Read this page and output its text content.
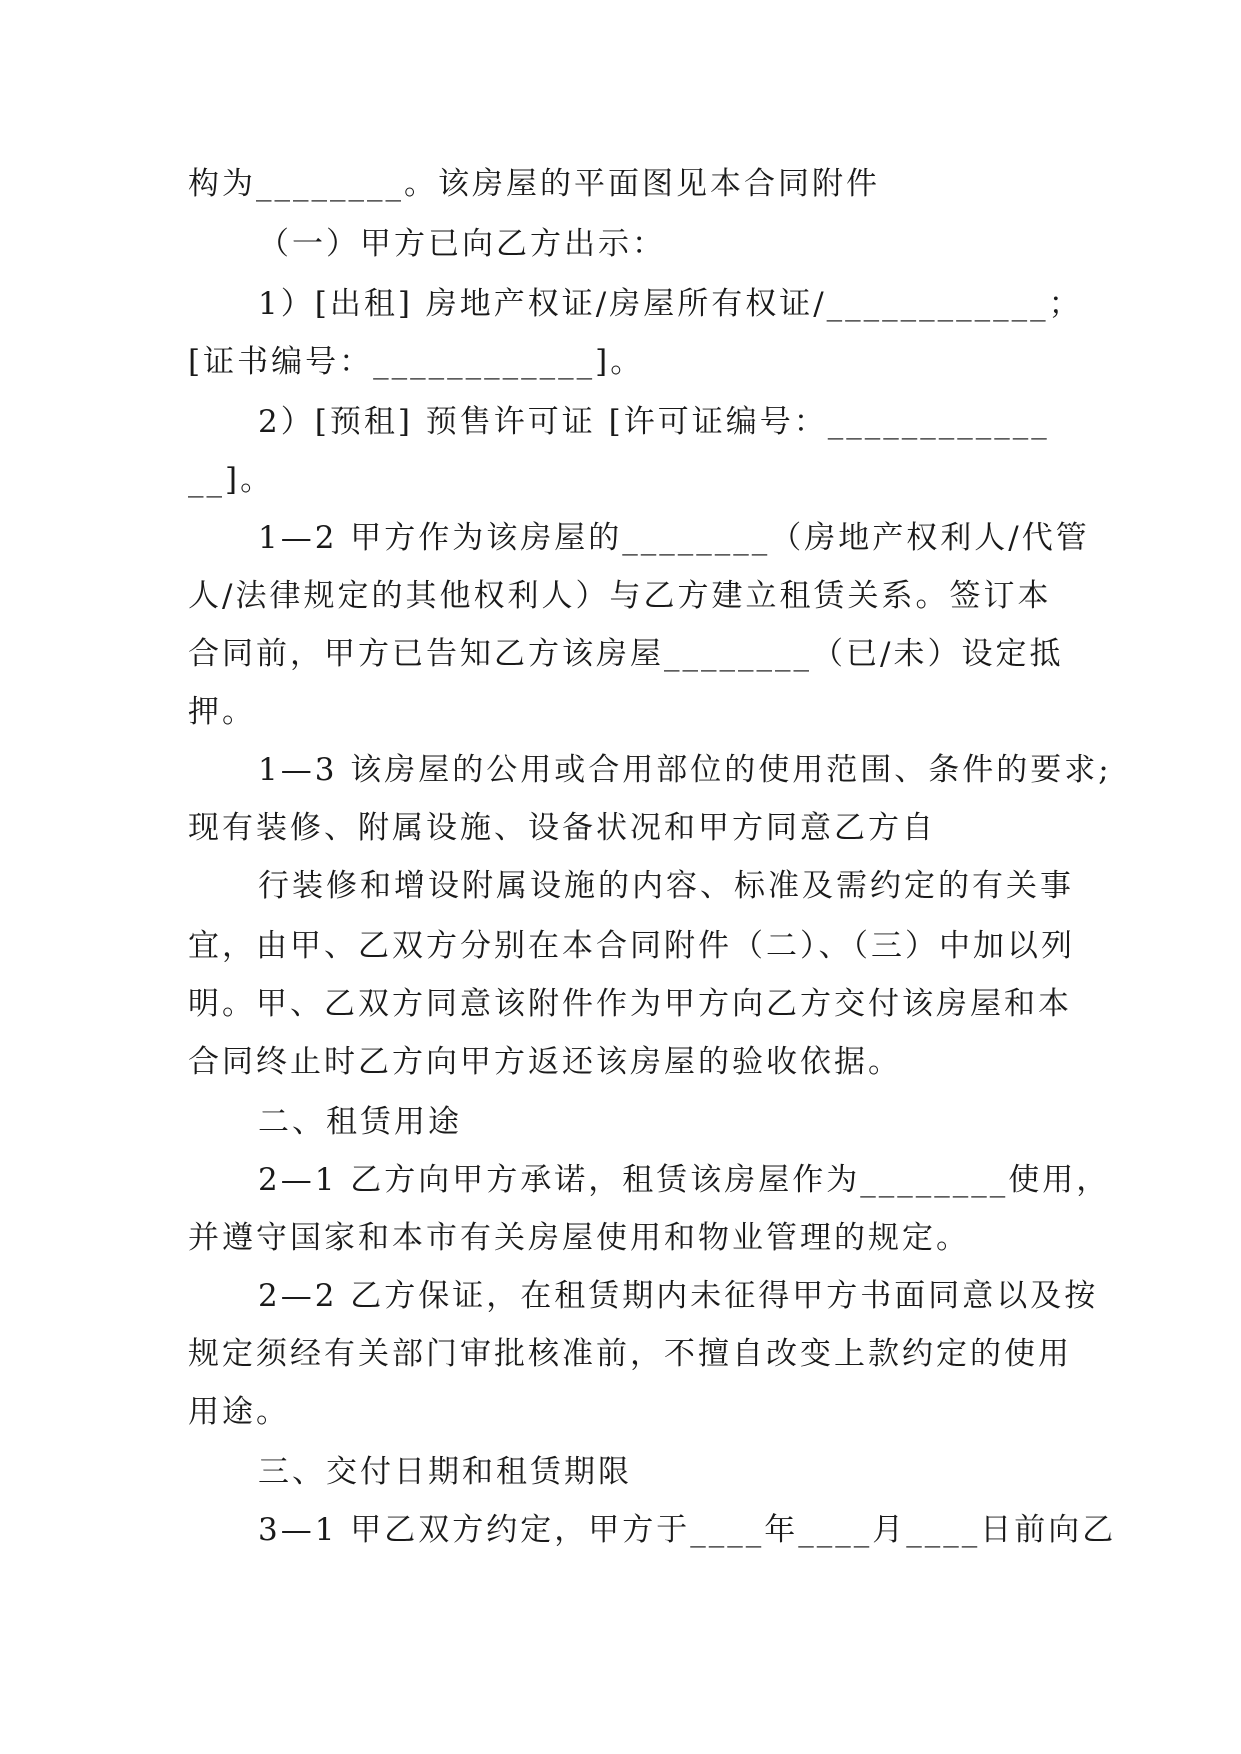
构为________。该房屋的平面图见本合同附件

（一）甲方已向乙方出示：

1）[出租] 房地产权证/房屋所有权证/____________；

[证书编号：____________]。

2）[预租] 预售许可证 [许可证编号：____________

__]。

1—2 甲方作为该房屋的________（房地产权利人/代管

人/法律规定的其他权利人）与乙方建立租赁关系。签订本

合同前，甲方已告知乙方该房屋________（已/未）设定抵

押。

1—3 该房屋的公用或合用部位的使用范围、条件的要求;

现有装修、附属设施、设备状况和甲方同意乙方自

行装修和增设附属设施的内容、标准及需约定的有关事

宜，由甲、乙双方分别在本合同附件（二）、（三）中加以列

明。甲、乙双方同意该附件作为甲方向乙方交付该房屋和本

合同终止时乙方向甲方返还该房屋的验收依据。

二、租赁用途

2—1 乙方向甲方承诺，租赁该房屋作为________使用，

并遵守国家和本市有关房屋使用和物业管理的规定。

2—2 乙方保证，在租赁期内未征得甲方书面同意以及按

规定须经有关部门审批核准前，不擅自改变上款约定的使用

用途。

三、交付日期和租赁期限

3—1 甲乙双方约定，甲方于____年____月____日前向乙
